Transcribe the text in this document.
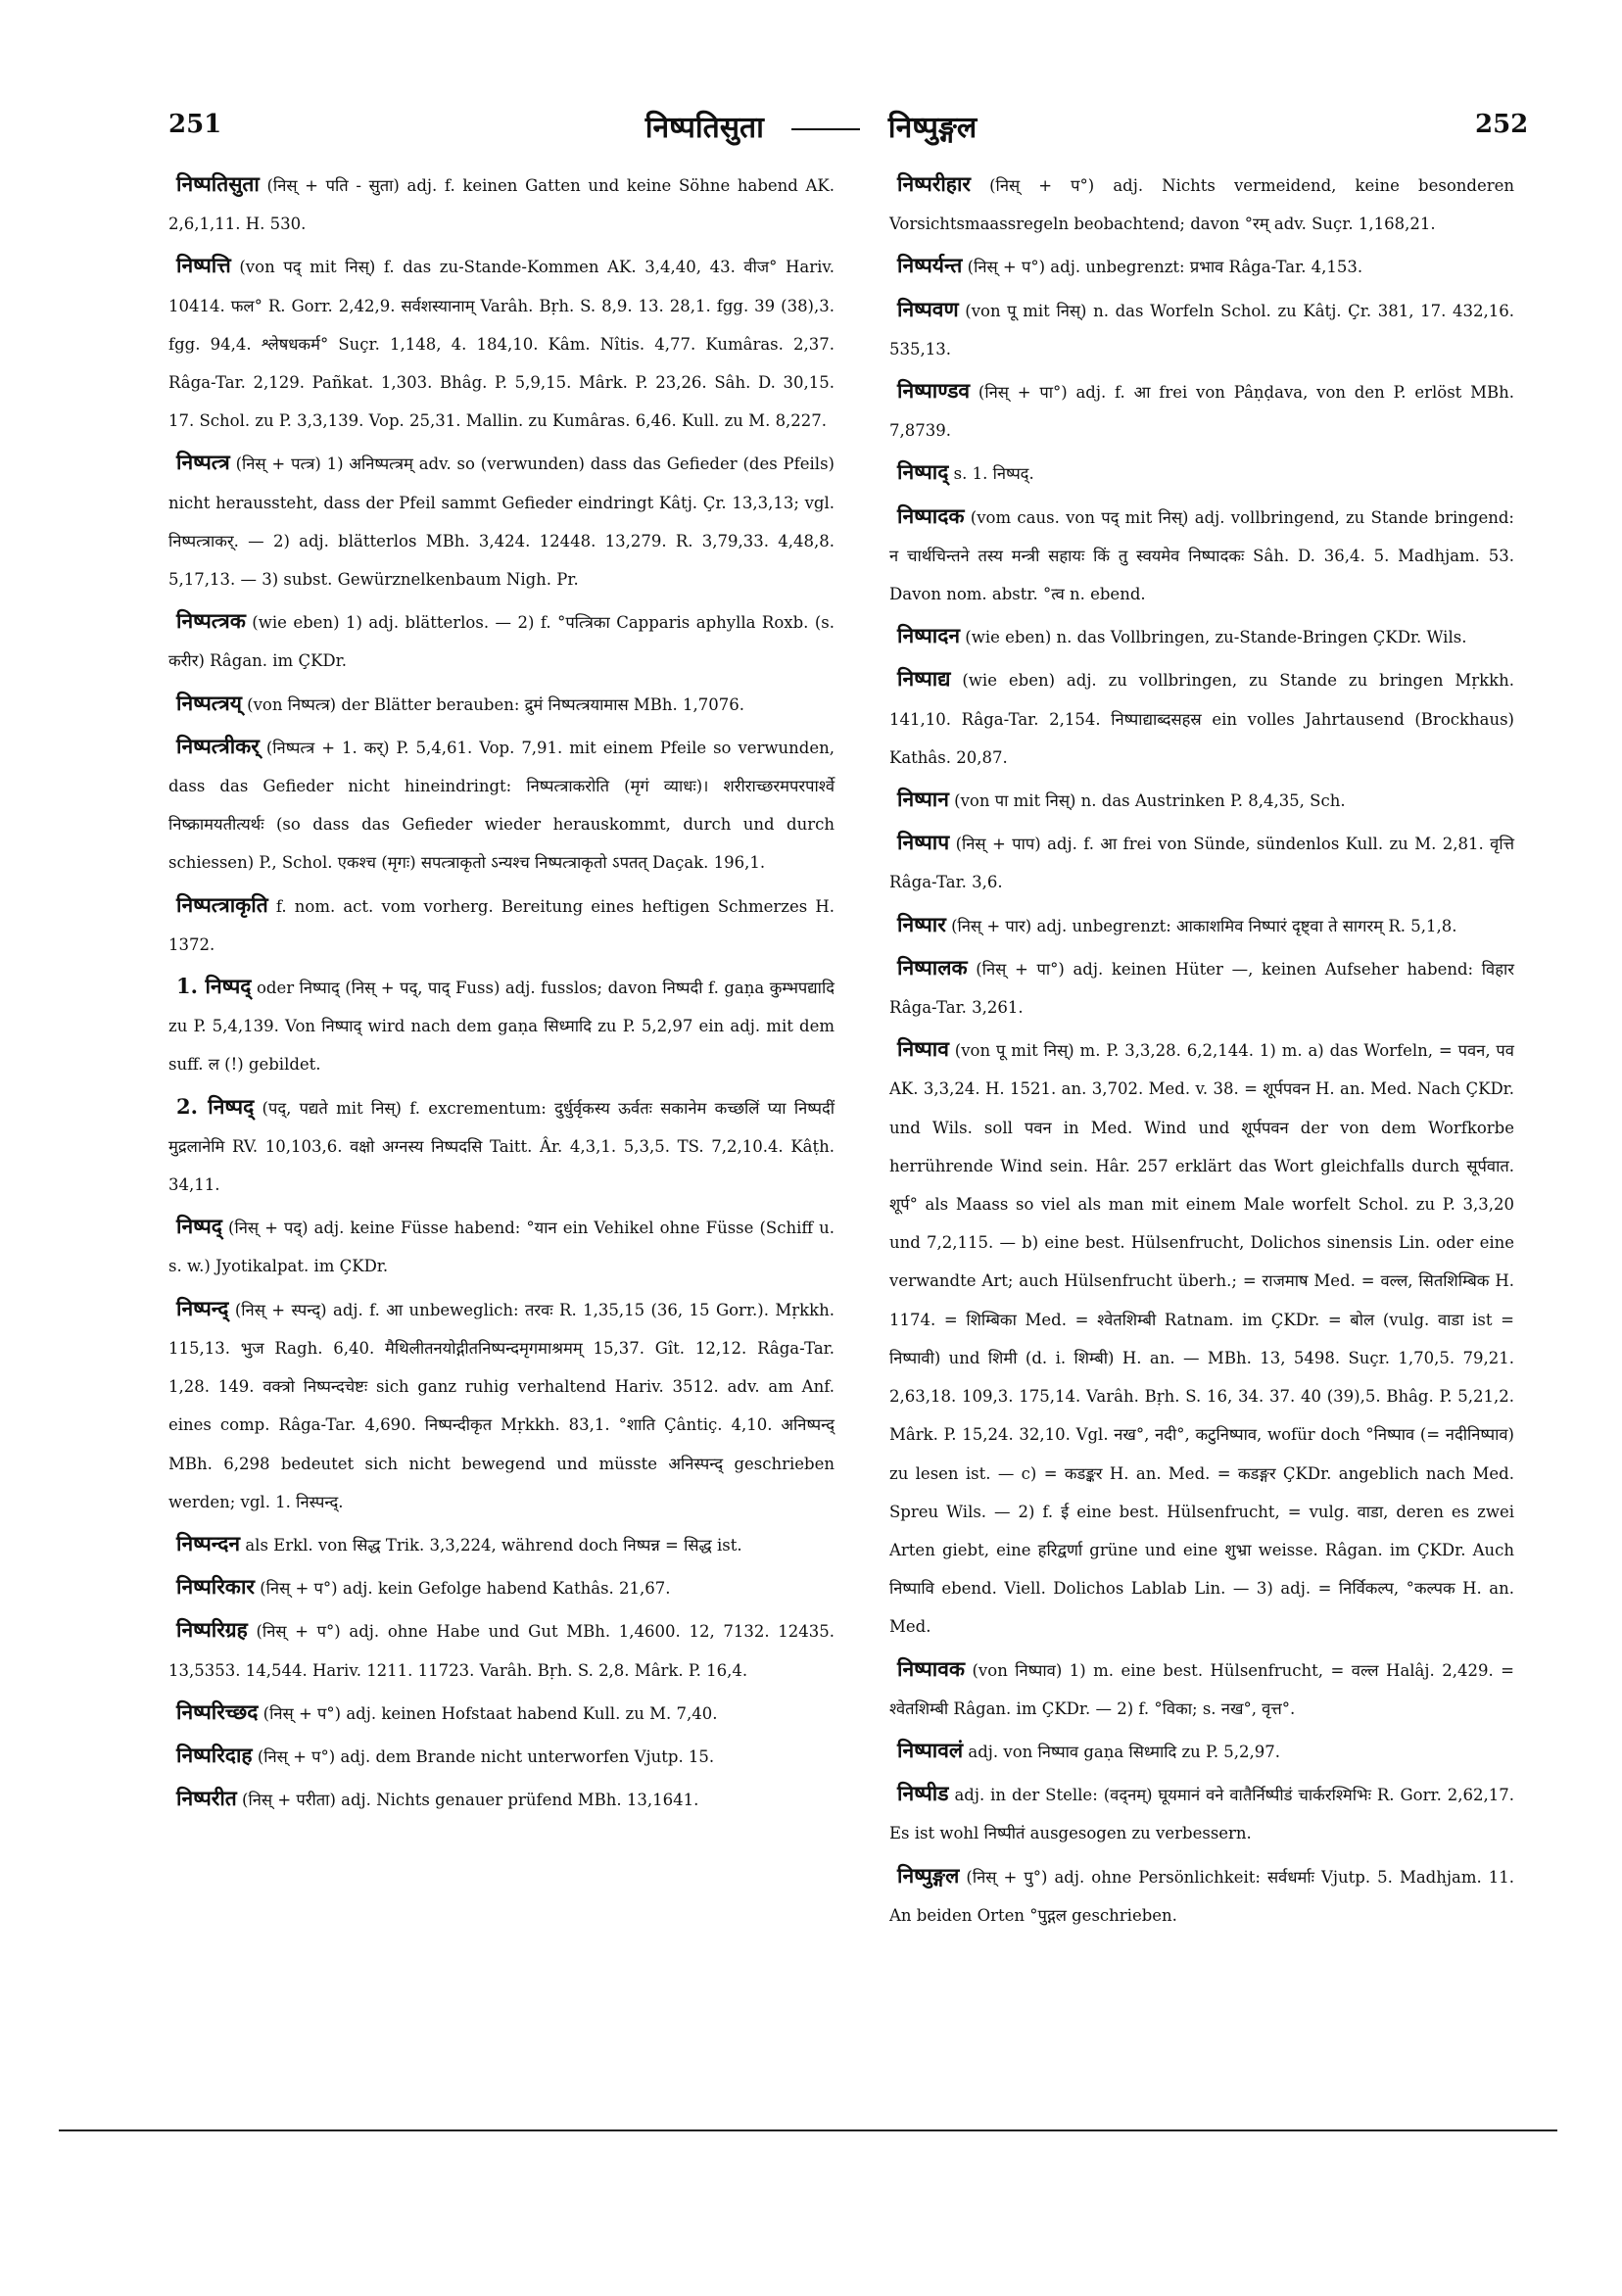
251	निष्पतिसुता	निष्पुङ्गल	252

निष्पतिसुता (निस् + पति - सुता) adj. f. keinen Gatten und keine Söhne habend AK. 2,6,1,11. H. 530.

निष्पत्ति (von पद् mit निस्) f. das zu-Stande-Kommen AK. 3,4,40, 43. वीज° Hariv. 10414. फल° R. Gorr. 2,42,9. सर्वशस्यानाम् Varâh. Bṛh. S. 8,9. 13. 28,1. fgg. 39 (38),3. fgg. 94,4. श्लेषधकर्म° Suçr. 1,148, 4. 184,10. Kâm. Nîtis. 4,77. Kumâras. 2,37. Râga-Tar. 2,129. Pañkat. 1,303. Bhâg. P. 5,9,15. Mârk. P. 23,26. Sâh. D. 30,15. 17. Schol. zu P. 3,3,139. Vop. 25,31. Mallin. zu Kumâras. 6,46. Kull. zu M. 8,227.

निष्पत्त्र (निस् + पत्त्र) 1) अनिष्पत्त्रम् adv. so (verwunden) dass das Gefieder (des Pfeils) nicht heraussteht, dass der Pfeil sammt Gefieder eindringt Kâtj. Çr. 13,3,13; vgl. निष्पत्त्राकर्. — 2) adj. blätterlos MBh. 3,424. 12448. 13,279. R. 3,79,33. 4,48,8. 5,17,13. — 3) subst. Gewürznelkenbaum Nigh. Pr.

निष्पत्त्रक (wie eben) 1) adj. blätterlos. — 2) f. °पत्त्रिका Capparis aphylla Roxb. (s. करीर) Râgan. im ÇKDr.

निष्पत्त्रय् (von निष्पत्त्र) der Blätter berauben: द्रुमं निष्पत्त्रयामास MBh. 1,7076.

निष्पत्त्रीकर् (निष्पत्त्र + 1. कर्) P. 5,4,61. Vop. 7,91. mit einem Pfeile so verwunden, dass das Gefieder nicht hineindringt: निष्पत्त्राकरोति (मृगं व्याधः)। शरीराच्छरमपरपार्श्वे निष्क्रामयतीत्यर्थः (so dass das Gefieder wieder herauskommt, durch und durch schiessen) P., Schol. एकश्च (मृगः) सपत्त्राकृतो ऽन्यश्च निष्पत्त्राकृतो ऽपतत् Daçak. 196,1.

निष्पत्त्राकृति f. nom. act. vom vorherg. Bereitung eines heftigen Schmerzes H. 1372.

1. निष्पद् oder निष्पाद् (निस् + पद्, पाद् Fuss) adj. fusslos; davon निष्पदी f. gaṇa कुम्भपद्यादि zu P. 5,4,139. Von निष्पाद् wird nach dem gaṇa सिध्मादि zu P. 5,2,97 ein adj. mit dem suff. ल (!) gebildet.

2. निष्पद् (पद्, पद्यते mit निस्) f. excrementum: दुर्धुर्वृकस्य ऊर्वतः सकानेम कच्छलिं प्या निष्पदीं मुद्रलानेमि RV. 10,103,6. वक्षो अग्नस्य निष्पदसि Taitt. Âr. 4,3,1. 5,3,5. TS. 7,2,10.4. Kâṭh. 34,11.

निष्पद् (निस् + पद्) adj. keine Füsse habend: °यान ein Vehikel ohne Füsse (Schiff u. s. w.) Jyotikalpat. im ÇKDr.

निष्पन्द् (निस् + स्पन्द्) adj. f. आ unbeweglich: तरवः R. 1,35,15 (36, 15 Gorr.). Mṛkkh. 115,13. भुज Ragh. 6,40. मैथिलीतनयोद्गीतनिष्पन्दमृगमाश्रमम् 15,37. Gît. 12,12. Râga-Tar. 1,28. 149. वक्त्रो निष्पन्दचेष्टः sich ganz ruhig verhaltend Hariv. 3512. adv. am Anf. eines comp. Râga-Tar. 4,690. निष्पन्दीकृत Mṛkkh. 83,1. °शाति Çântiç. 4,10. अनिष्पन्द् MBh. 6,298 bedeutet sich nicht bewegend und müsste अनिस्पन्द् geschrieben werden; vgl. 1. निस्पन्द्.

निष्पन्दन als Erkl. von सिद्ध Trik. 3,3,224, während doch निष्पन्न = सिद्ध ist.

निष्परिकार (निस् + प°) adj. kein Gefolge habend Kathâs. 21,67.

निष्परिग्रह (निस् + प°) adj. ohne Habe und Gut MBh. 1,4600. 12, 7132. 12435. 13,5353. 14,544. Hariv. 1211. 11723. Varâh. Bṛh. S. 2,8. Mârk. P. 16,4.

निष्परिच्छद (निस् + प°) adj. keinen Hofstaat habend Kull. zu M. 7,40.

निष्परिदाह (निस् + प°) adj. dem Brande nicht unterworfen Vjutp. 15.

निष्परीत (निस् + परीता) adj. Nichts genauer prüfend MBh. 13,1641.

निष्परीहार (निस् + प°) adj. Nichts vermeidend, keine besonderen Vorsichtsmaassregeln beobachtend; davon °रम् adv. Suçr. 1,168,21.

निष्पर्यन्त (निस् + प°) adj. unbegrenzt: प्रभाव Râga-Tar. 4,153.

निष्पवण (von पू mit निस्) n. das Worfeln Schol. zu Kâtj. Çr. 381, 17. 432,16. 535,13.

निष्पाण्डव (निस् + पा°) adj. f. आ frei von Pâṇḍava, von den P. erlöst MBh. 7,8739.

निष्पाद् s. 1. निष्पद्.

निष्पादक (vom caus. von पद् mit निस्) adj. vollbringend, zu Stande bringend: न चार्थचिन्तने तस्य मन्त्री सहायः किं तु स्वयमेव निष्पादकः Sâh. D. 36,4. 5. Madhjam. 53. Davon nom. abstr. °त्व n. ebend.

निष्पादन (wie eben) n. das Vollbringen, zu-Stande-Bringen ÇKDr. Wils.

निष्पाद्य (wie eben) adj. zu vollbringen, zu Stande zu bringen Mṛkkh. 141,10. Râga-Tar. 2,154. निष्पाद्याब्दसहस्र ein volles Jahrtausend (Brockhaus) Kathâs. 20,87.

निष्पान (von पा mit निस्) n. das Austrinken P. 8,4,35, Sch.

निष्पाप (निस् + पाप) adj. f. आ frei von Sünde, sündenlos Kull. zu M. 2,81. वृत्ति Râga-Tar. 3,6.

निष्पार (निस् + पार) adj. unbegrenzt: आकाशमिव निष्पारं दृष्ट्वा ते सागरम् R. 5,1,8.

निष्पालक (निस् + पा°) adj. keinen Hüter —, keinen Aufseher habend: विहार Râga-Tar. 3,261.

निष्पाव (von पू mit निस्) m. P. 3,3,28. 6,2,144. 1) m. a) das Worfeln, = पवन, पव AK. 3,3,24. H. 1521. an. 3,702. Med. v. 38. = शूर्पपवन H. an. Med. Nach ÇKDr. und Wils. soll पवन in Med. Wind und शूर्पपवन der von dem Worfkorbe herrührende Wind sein. Hâr. 257 erklärt das Wort gleichfalls durch सूर्पवात. शूर्प° als Maass so viel als man mit einem Male worfelt Schol. zu P. 3,3,20 und 7,2,115. — b) eine best. Hülsenfrucht, Dolichos sinensis Lin. oder eine verwandte Art; auch Hülsenfrucht überh.; = राजमाष Med. = वल्ल, सितशिम्बिक H. 1174. = शिम्बिका Med. = श्वेतशिम्बी Ratnam. im ÇKDr. = बोल (vulg. वाडा ist = निष्पावी) und शिमी (d. i. शिम्बी) H. an. — MBh. 13, 5498. Suçr. 1,70,5. 79,21. 2,63,18. 109,3. 175,14. Varâh. Bṛh. S. 16, 34. 37. 40 (39),5. Bhâg. P. 5,21,2. Mârk. P. 15,24. 32,10. Vgl. नख°, नदी°, कटुनिष्पाव, wofür doch °निष्पाव (= नदीनिष्पाव) zu lesen ist. — c) = कडङ्कर H. an. Med. = कडङ्गर ÇKDr. angeblich nach Med. Spreu Wils. — 2) f. ई eine best. Hülsenfrucht, = vulg. वाडा, deren es zwei Arten giebt, eine हरिद्वर्णा grüne und eine शुभ्रा weisse. Râgan. im ÇKDr. Auch निष्पावि ebend. Viell. Dolichos Lablab Lin. — 3) adj. = निर्विकल्प, °कल्पक H. an. Med.

निष्पावक (von निष्पाव) 1) m. eine best. Hülsenfrucht, = वल्ल Halâj. 2,429. = श्वेतशिम्बी Râgan. im ÇKDr. — 2) f. °विका; s. नख°, वृत्त°.

निष्पावलं adj. von निष्पाव gaṇa सिध्मादि zu P. 5,2,97.

निष्पीड adj. in der Stelle: (वद्नम्) घूयमानं वने वातैर्निष्पीडं चार्करश्मिभिः R. Gorr. 2,62,17. Es ist wohl निष्पीतं ausgesogen zu verbessern.

निष्पुङ्गल (निस् + पु°) adj. ohne Persönlichkeit: सर्वधर्माः Vjutp. 5. Madhjam. 11. An beiden Orten °पुद्गल geschrieben.
